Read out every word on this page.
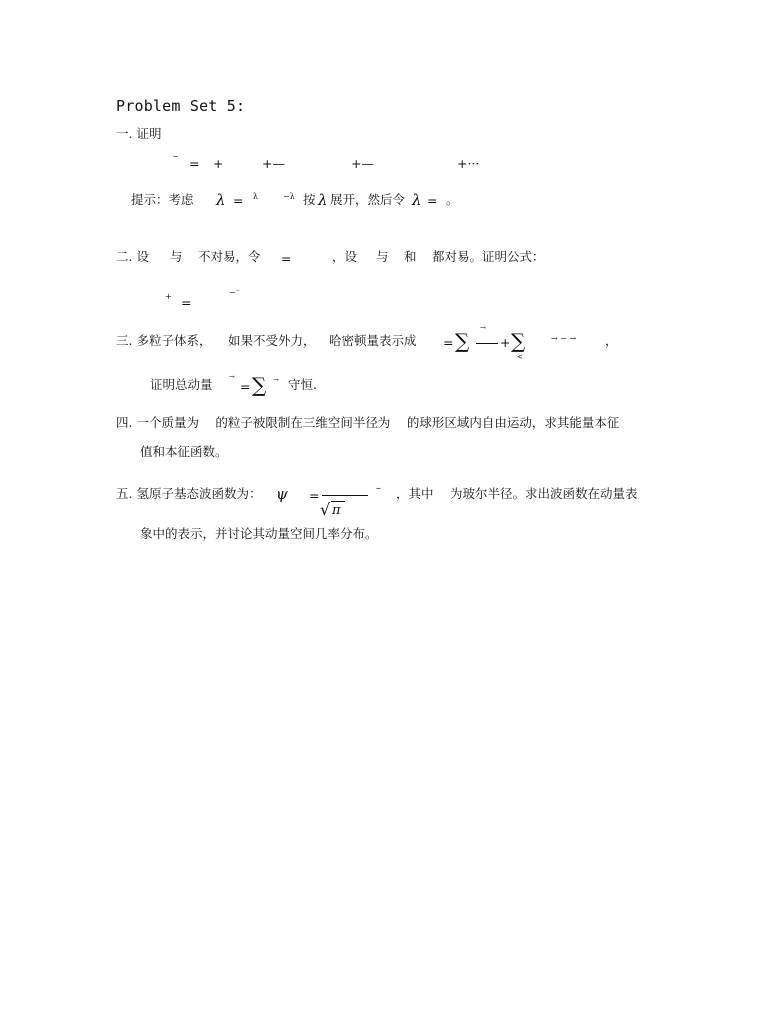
Problem Set 5:
一. 证明
– = +	+—	+—	+···
提示：考虑 λ = λ	−λ 按 λ 展开，然后令 λ = 。
二. 设 与 不对易，令 =	，设 与 和 都对易。证明公式：
+ =
−⁻
三. 多粒子体系， 如果不受外力， 哈密顿量表示成 = ∑
→
+ ∑
<
→ − → ，
证明总动量 →
= ∑ → 守恒.
四. 一个质量为　 的粒子被限制在三维空间半径为　 的球形区域内自由运动，求其能量本征
值和本征函数。
五. 氢原子基态波函数为： ψ =
√ π
– ，其中 为玻尔半径。求出波函数在动量表
象中的表示，并讨论其动量空间几率分布。
